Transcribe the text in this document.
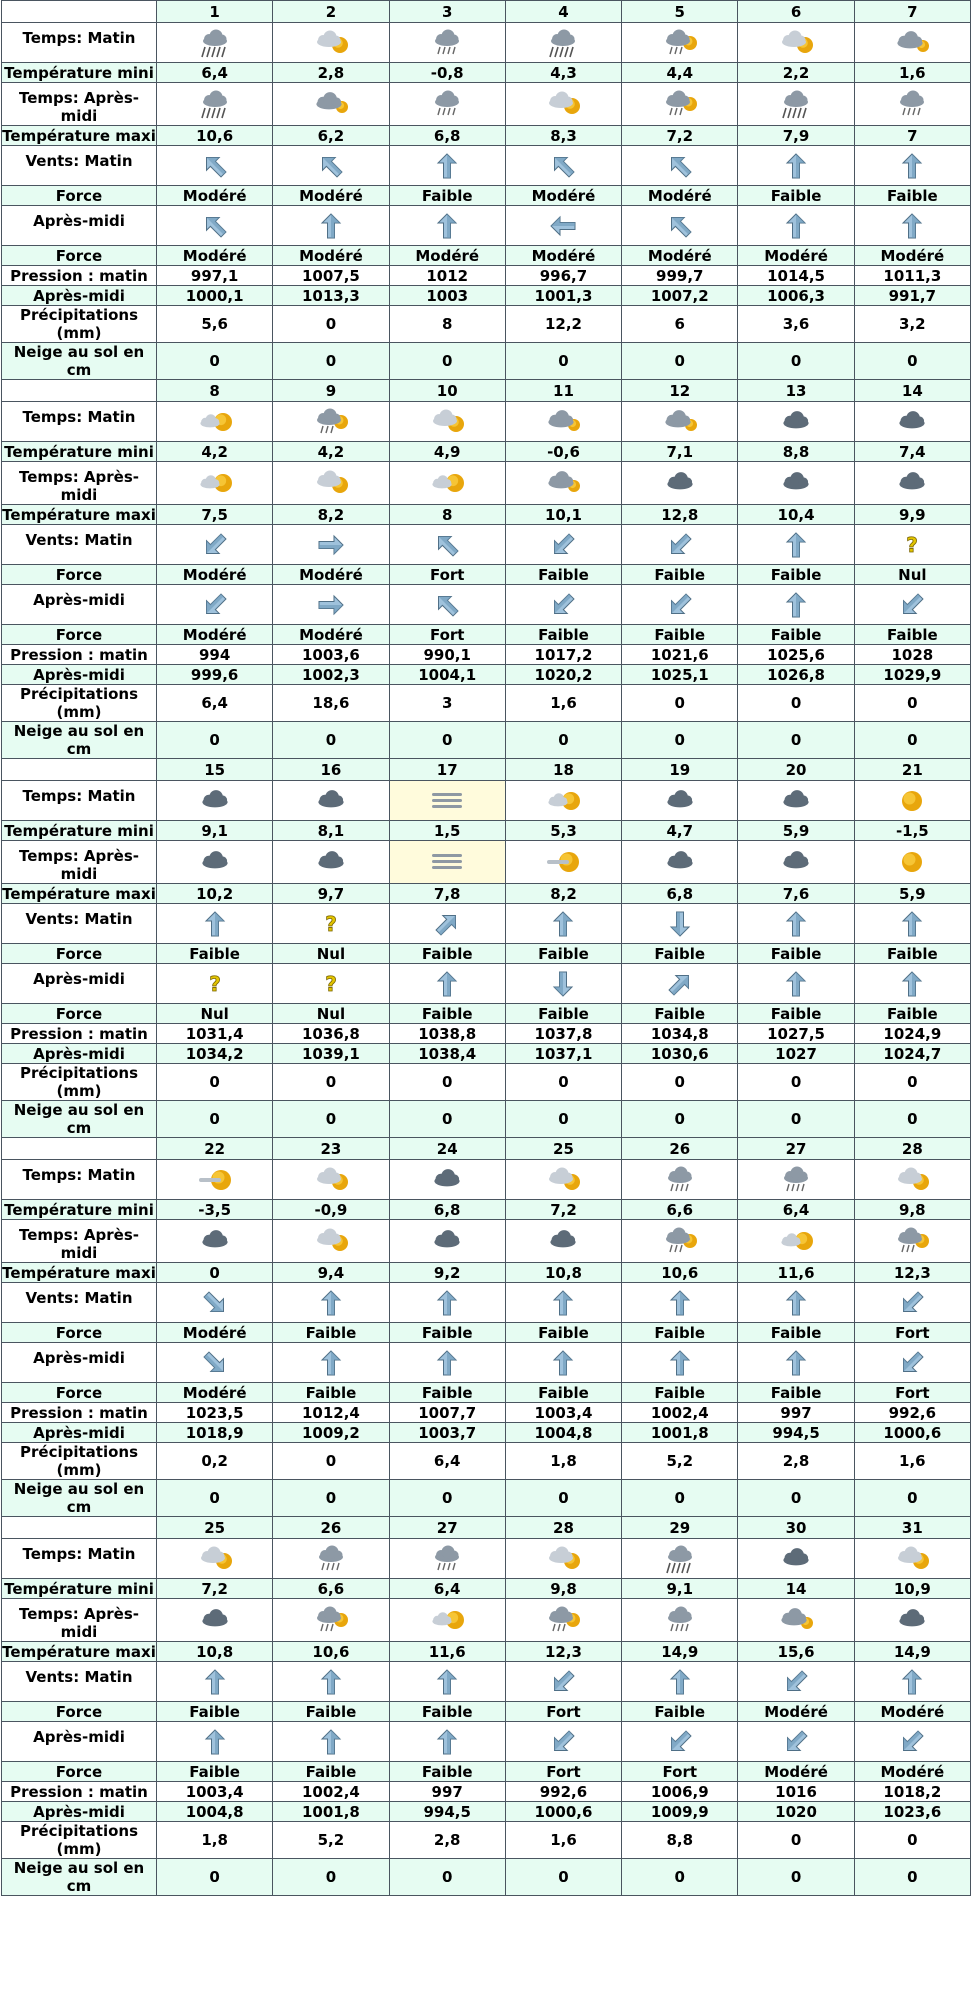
	1	2	3	4	5	6	7
Temps: Matin	

Température mini	6,4	2,8	-0,8	4,3	4,4	2,2	1,6
Temps: Après-midi	

Température maxi	10,6	6,2	6,8	8,3	7,2	7,9	7
Vents: Matin	

Force	Modéré	Modéré	Faible	Modéré	Modéré	Faible	Faible
Après-midi	

Force	Modéré	Modéré	Modéré	Modéré	Modéré	Modéré	Modéré
Pression : matin	997,1	1007,5	1012	996,7	999,7	1014,5	1011,3
Après-midi	1000,1	1013,3	1003	1001,3	1007,2	1006,3	991,7
Précipitations (mm)	5,6	0	8	12,2	6	3,6	3,2
Neige au sol en cm	0	0	0	0	0	0	0
	8	9	10	11	12	13	14
Temps: Matin	

Température mini	4,2	4,2	4,9	-0,6	7,1	8,8	7,4
Temps: Après-midi	

Température maxi	7,5	8,2	8	10,1	12,8	10,4	9,9
Vents: Matin							?

Force	Modéré	Modéré	Fort	Faible	Faible	Faible	Nul
Après-midi	

Force	Modéré	Modéré	Fort	Faible	Faible	Faible	Faible
Pression : matin	994	1003,6	990,1	1017,2	1021,6	1025,6	1028
Après-midi	999,6	1002,3	1004,1	1020,2	1025,1	1026,8	1029,9
Précipitations (mm)	6,4	18,6	3	1,6	0	0	0
Neige au sol en cm	0	0	0	0	0	0	0
	15	16	17	18	19	20	21
Temps: Matin	

Température mini	9,1	8,1	1,5	5,3	4,7	5,9	-1,5
Temps: Après-midi	

Température maxi	10,2	9,7	7,8	8,2	6,8	7,6	5,9
Vents: Matin		?

Force	Faible	Nul	Faible	Faible	Faible	Faible	Faible
Après-midi	?	?

Force	Nul	Nul	Faible	Faible	Faible	Faible	Faible
Pression : matin	1031,4	1036,8	1038,8	1037,8	1034,8	1027,5	1024,9
Après-midi	1034,2	1039,1	1038,4	1037,1	1030,6	1027	1024,7
Précipitations (mm)	0	0	0	0	0	0	0
Neige au sol en cm	0	0	0	0	0	0	0
	22	23	24	25	26	27	28
Temps: Matin	

Température mini	-3,5	-0,9	6,8	7,2	6,6	6,4	9,8
Temps: Après-midi	

Température maxi	0	9,4	9,2	10,8	10,6	11,6	12,3
Vents: Matin	

Force	Modéré	Faible	Faible	Faible	Faible	Faible	Fort
Après-midi	

Force	Modéré	Faible	Faible	Faible	Faible	Faible	Fort
Pression : matin	1023,5	1012,4	1007,7	1003,4	1002,4	997	992,6
Après-midi	1018,9	1009,2	1003,7	1004,8	1001,8	994,5	1000,6
Précipitations (mm)	0,2	0	6,4	1,8	5,2	2,8	1,6
Neige au sol en cm	0	0	0	0	0	0	0
	25	26	27	28	29	30	31
Temps: Matin	

Température mini	7,2	6,6	6,4	9,8	9,1	14	10,9
Temps: Après-midi	

Température maxi	10,8	10,6	11,6	12,3	14,9	15,6	14,9
Vents: Matin	

Force	Faible	Faible	Faible	Fort	Faible	Modéré	Modéré
Après-midi	

Force	Faible	Faible	Faible	Fort	Fort	Modéré	Modéré
Pression : matin	1003,4	1002,4	997	992,6	1006,9	1016	1018,2
Après-midi	1004,8	1001,8	994,5	1000,6	1009,9	1020	1023,6
Précipitations (mm)	1,8	5,2	2,8	1,6	8,8	0	0
Neige au sol en cm	0	0	0	0	0	0	0
